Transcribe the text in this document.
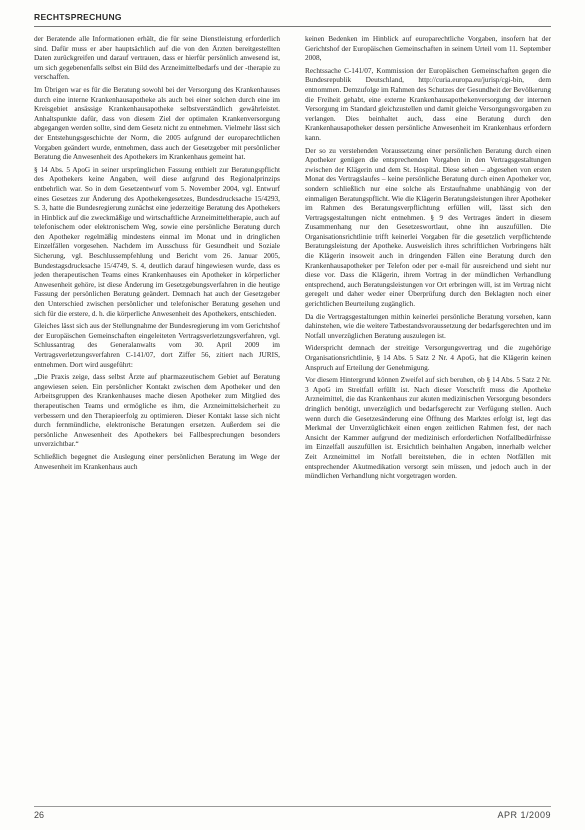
RECHTSPRECHUNG

der Beratende alle Informationen erhält, die für seine Dienstleistung erforderlich sind. Dafür muss er aber hauptsächlich auf die von den Ärzten bereitgestellten Daten zurückgreifen und darauf vertrauen, dass er hierfür persönlich anwesend ist, um sich gegebenenfalls selbst ein Bild des Arzneimittelbedarfs und der -therapie zu verschaffen.

Im Übrigen war es für die Beratung sowohl bei der Versorgung des Krankenhauses durch eine interne Krankenhausapotheke als auch bei einer solchen durch eine im Kreisgebiet ansässige Krankenhausapotheke selbstverständlich gewährleistet. Anhaltspunkte dafür, dass von diesem Ziel der optimalen Krankenversorgung abgegangen werden sollte, sind dem Gesetz nicht zu entnehmen. Vielmehr lässt sich der Entstehungsgeschichte der Norm, die 2005 aufgrund der europarechtlichen Vorgaben geändert wurde, entnehmen, dass auch der Gesetzgeber mit persönlicher Beratung die Anwesenheit des Apothekers im Krankenhaus gemeint hat.

§ 14 Abs. 5 ApoG in seiner ursprünglichen Fassung enthielt zur Beratungspflicht des Apothekers keine Angaben, weil diese aufgrund des Regionalprinzips entbehrlich war. So in dem Gesetzentwurf vom 5. November 2004, vgl. Entwurf eines Gesetzes zur Änderung des Apothekengesetzes, Bundesdrucksache 15/4293, S. 3, hatte die Bundesregierung zunächst eine jederzeitige Beratung des Apothekers in Hinblick auf die zweckmäßige und wirtschaftliche Arzneimitteltherapie, auch auf telefonischem oder elektronischem Weg, sowie eine persönliche Beratung durch den Apotheker regelmäßig mindestens einmal im Monat und in dringlichen Einzelfällen vorgesehen. Nachdem im Ausschuss für Gesundheit und Soziale Sicherung, vgl. Beschlussempfehlung und Bericht vom 26. Januar 2005, Bundestagsdrucksache 15/4749, S. 4, deutlich darauf hingewiesen wurde, dass es jeden therapeutischen Teams eines Krankenhauses ein Apotheker in körperlicher Anwesenheit gehöre, ist diese Änderung im Gesetzgebungsverfahren in die heutige Fassung der persönlichen Beratung geändert. Demnach hat auch der Gesetzgeber den Unterschied zwischen persönlicher und telefonischer Beratung gesehen und sich für die erstere, d. h. die körperliche Anwesenheit des Apothekers, entschieden.

Gleiches lässt sich aus der Stellungnahme der Bundesregierung im vom Gerichtshof der Europäischen Gemeinschaften eingeleiteten Vertragsverletzungsverfahren, vgl. Schlussantrag des Generalanwalts vom 30. April 2009 im Vertragsverletzungsverfahren C-141/07, dort Ziffer 56, zitiert nach JURIS, entnehmen. Dort wird ausgeführt:

„Die Praxis zeige, dass selbst Ärzte auf pharmazeutischem Gebiet auf Beratung angewiesen seien. Ein persönlicher Kontakt zwischen dem Apotheker und den Arbeitsgruppen des Krankenhauses mache diesen Apotheker zum Mitglied des therapeutischen Teams und ermögliche es ihm, die Arzneimittelsicherheit zu verbessern und den Therapieerfolg zu optimieren. Dieser Kontakt lasse sich nicht durch fernmündliche, elektronische Beratungen ersetzen. Außerdem sei die persönliche Anwesenheit des Apothekers bei Fallbesprechungen besonders unverzichtbar.“

Schließlich begegnet die Auslegung einer persönlichen Beratung im Wege der Anwesenheit im Krankenhaus auch

keinen Bedenken im Hinblick auf europarechtliche Vorgaben, insofern hat der Gerichtshof der Europäischen Gemeinschaften in seinem Urteil vom 11. September 2008,

Rechtssache C-141/07, Kommission der Europäischen Gemeinschaften gegen die Bundesrepublik Deutschland, http://curia.europa.eu/jurisp/cgi-bin, dem entnommen. Demzufolge im Rahmen des Schutzes der Gesundheit der Bevölkerung die Freiheit gehabt, eine externe Krankenhausapothekenversorgung der internen Versorgung im Standard gleichzustellen und damit gleiche Versorgungsvorgaben zu verlangen. Dies beinhaltet auch, dass eine Beratung durch den Krankenhausapotheker dessen persönliche Anwesenheit im Krankenhaus erfordern kann.

Der so zu verstehenden Voraussetzung einer persönlichen Beratung durch einen Apotheker genügen die entsprechenden Vorgaben in den Vertragsgestaltungen zwischen der Klägerin und dem St. Hospital. Diese sehen – abgesehen von ersten Monat des Vertragslaufes – keine persönliche Beratung durch einen Apotheker vor, sondern schließlich nur eine solche als Erstaufnahme unabhängig von der einmaligen Beratungspflicht. Wie die Klägerin Beratungsleistungen ihrer Apotheker im Rahmen des Beratungsverpflichtung erfüllen will, lässt sich den Vertragsgestaltungen nicht entnehmen. § 9 des Vertrages ändert in diesem Zusammenhang nur den Gesetzeswortlaut, ohne ihn auszufüllen. Die Organisationsrichtlinie trifft keinerlei Vorgaben für die gesetzlich verpflichtende Beratungsleistung der Apotheke. Ausweislich ihres schriftlichen Vorbringens hält die Klägerin insoweit auch in dringenden Fällen eine Beratung durch den Krankenhausapotheker per Telefon oder per e-mail für ausreichend und sieht nur diese vor. Dass die Klägerin, ihrem Vortrag in der mündlichen Verhandlung entsprechend, auch Beratungsleistungen vor Ort erbringen will, ist im Vertrag nicht geregelt und daher weder einer Überprüfung durch den Beklagten noch einer gerichtlichen Beurteilung zugänglich.

Da die Vertragsgestaltungen mithin keinerlei persönliche Beratung vorsehen, kann dahinstehen, wie die weitere Tatbestandsvoraussetzung der bedarfsgerechten und im Notfall unverzüglichen Beratung auszulegen ist.

Widerspricht demnach der streitige Versorgungsvertrag und die zugehörige Organisationsrichtlinie, § 14 Abs. 5 Satz 2 Nr. 4 ApoG, hat die Klägerin keinen Anspruch auf Erteilung der Genehmigung.

Vor diesem Hintergrund können Zweifel auf sich beruhen, ob § 14 Abs. 5 Satz 2 Nr. 3 ApoG im Streitfall erfüllt ist. Nach dieser Vorschrift muss die Apotheke Arzneimittel, die das Krankenhaus zur akuten medizinischen Versorgung besonders dringlich benötigt, unverzüglich und bedarfsgerecht zur Verfügung stellen. Auch wenn durch die Gesetzesänderung eine Öffnung des Marktes erfolgt ist, legt das Merkmal der Unverzüglichkeit einen engen zeitlichen Rahmen fest, der nach Ansicht der Kammer aufgrund der medizinisch erforderlichen Notfallbedürfnisse im Einzelfall auszufüllen ist. Ersichtlich beinhalten Angaben, innerhalb welcher Zeit Arzneimittel im Notfall bereitstehen, die in echten Notfällen mit entsprechender Akutmedikation versorgt sein müssen, und jedoch auch in der mündlichen Verhandlung nicht vorgetragen worden.

26	APR 1/2009
